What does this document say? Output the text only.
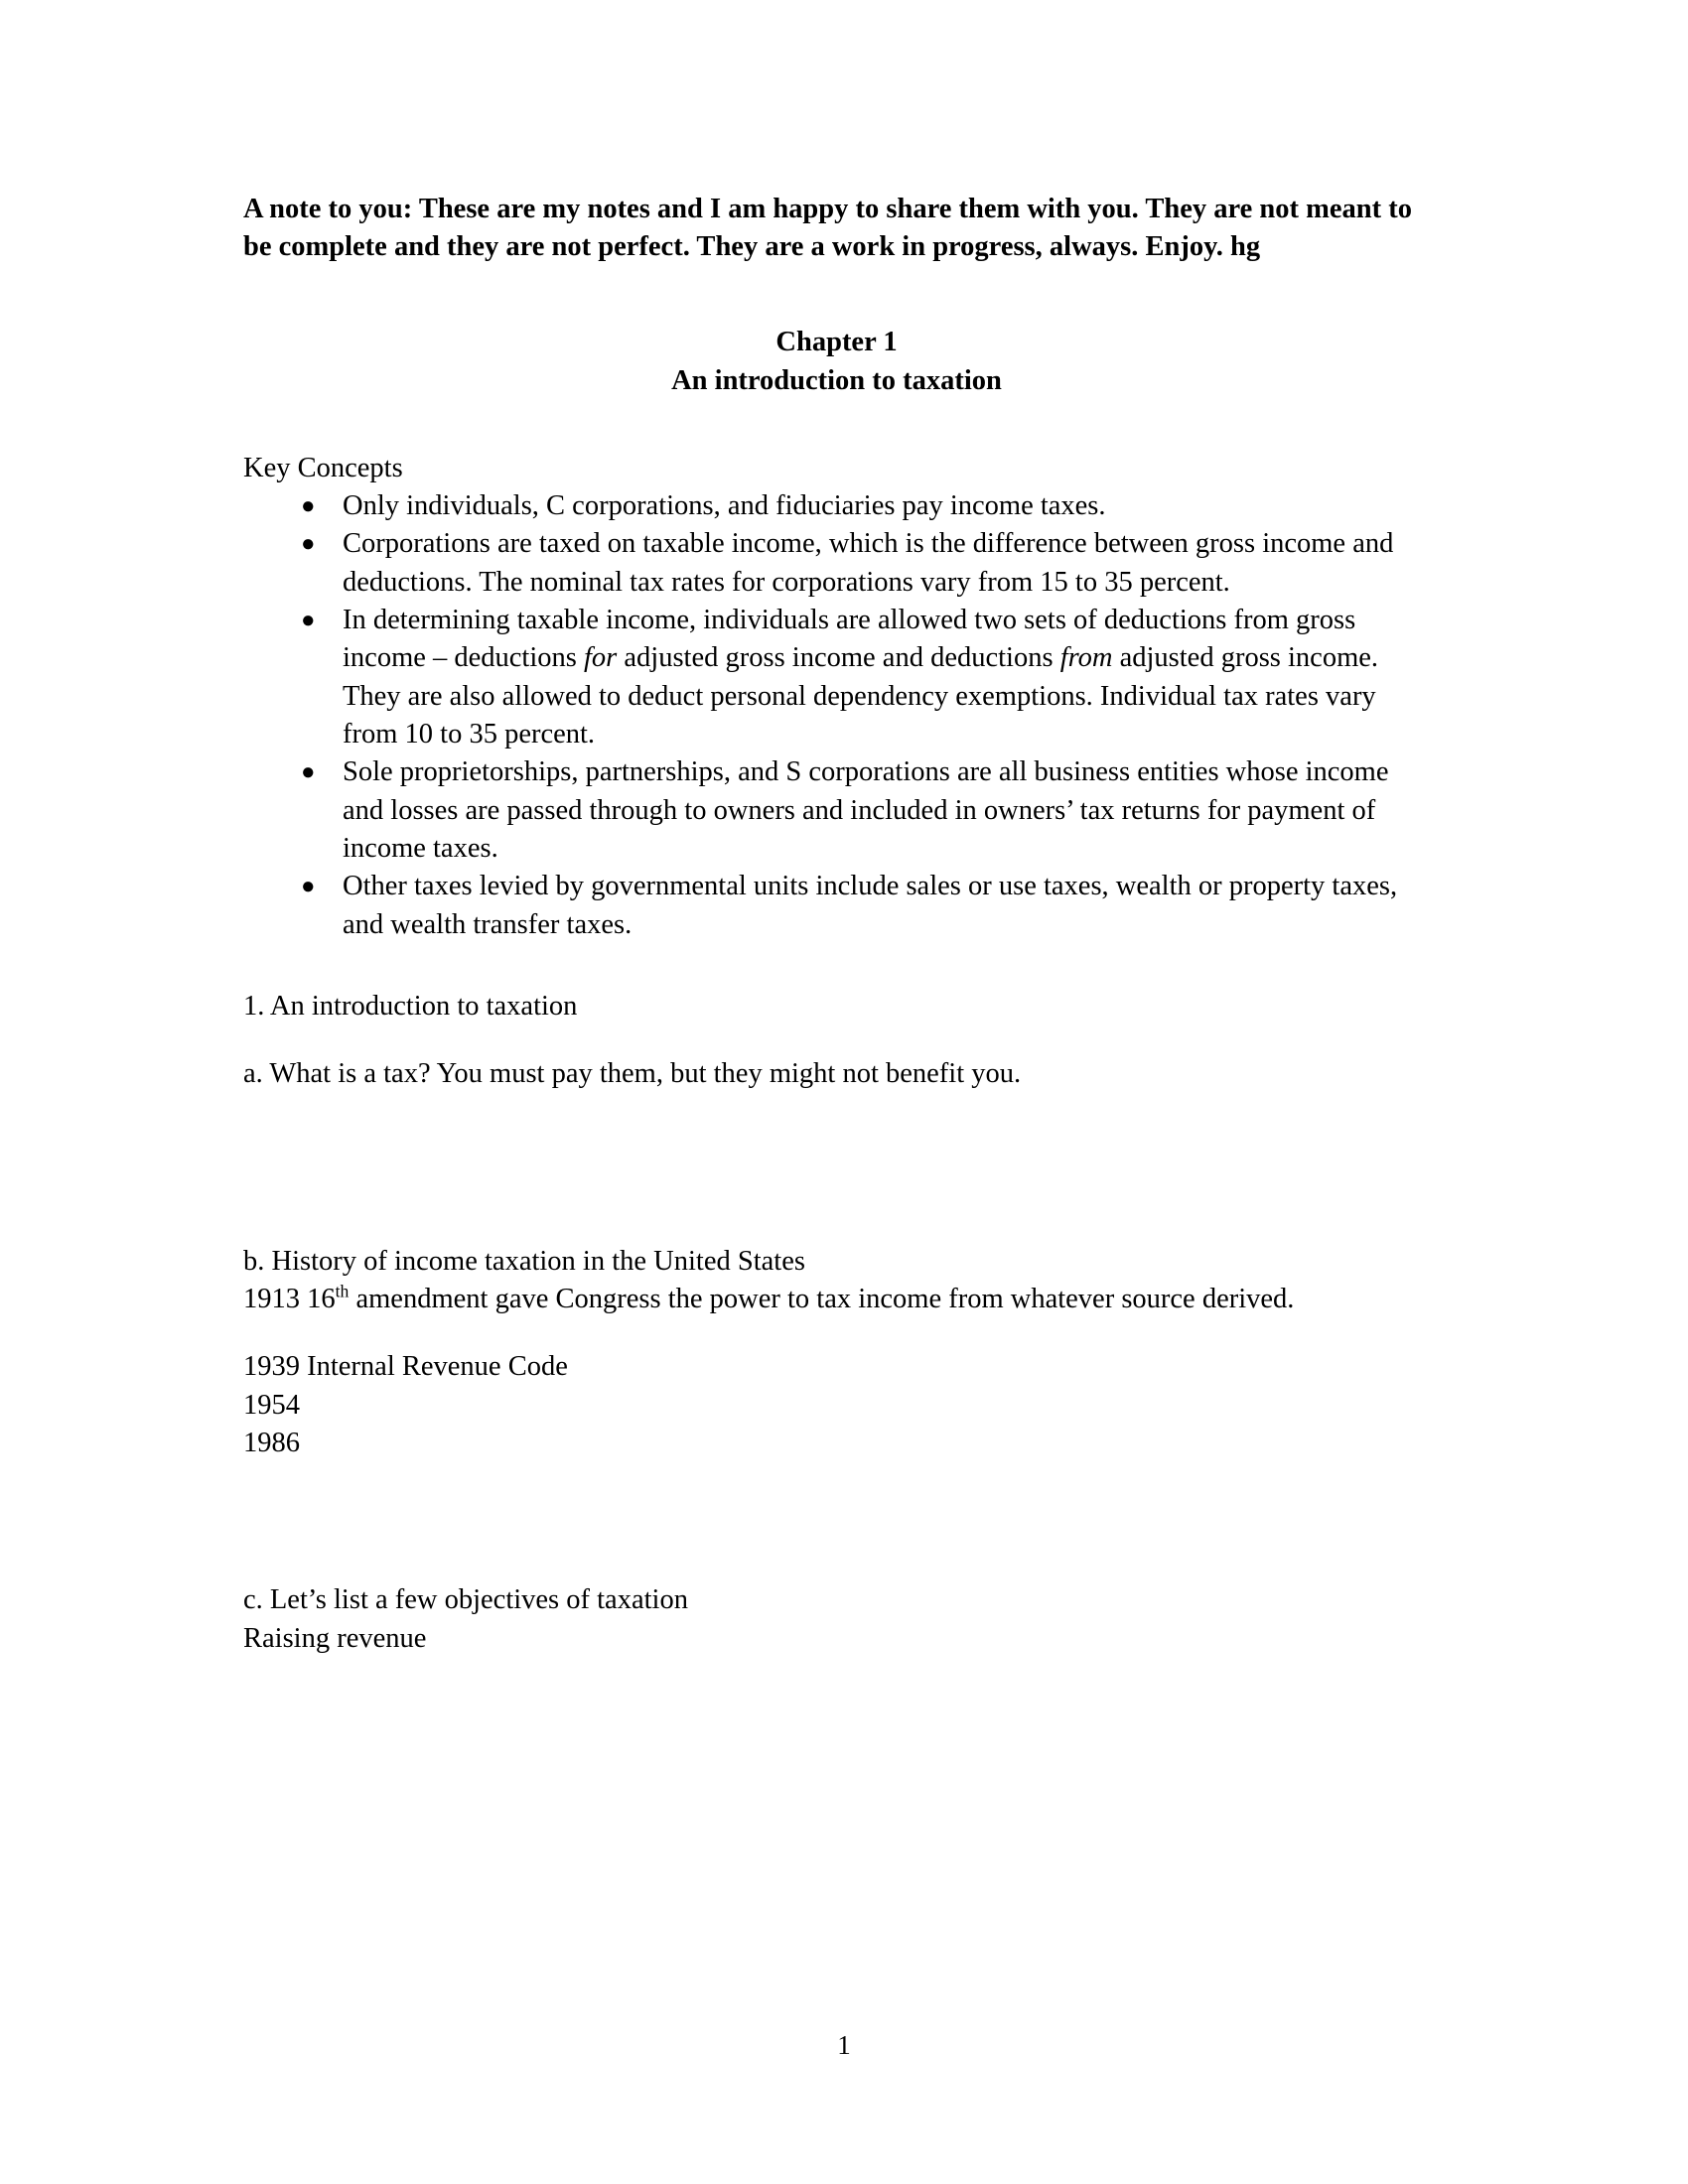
A note to you: These are my notes and I am happy to share them with you. They are not meant to be complete and they are not perfect. They are a work in progress, always. Enjoy. hg

Chapter 1
An introduction to taxation
Key Concepts
● Only individuals, C corporations, and fiduciaries pay income taxes.
● Corporations are taxed on taxable income, which is the difference between gross income and deductions. The nominal tax rates for corporations vary from 15 to 35 percent.
● In determining taxable income, individuals are allowed two sets of deductions from gross income – deductions for adjusted gross income and deductions from adjusted gross income. They are also allowed to deduct personal dependency exemptions. Individual tax rates vary from 10 to 35 percent.
● Sole proprietorships, partnerships, and S corporations are all business entities whose income and losses are passed through to owners and included in owners’ tax returns for payment of income taxes.
● Other taxes levied by governmental units include sales or use taxes, wealth or property taxes, and wealth transfer taxes.

1. An introduction to taxation

a. What is a tax? You must pay them, but they might not benefit you.

b. History of income taxation in the United States

1913 16th amendment gave Congress the power to tax income from whatever source derived.

1939 Internal Revenue Code

1954

1986

c. Let’s list a few objectives of taxation

Raising revenue

1
